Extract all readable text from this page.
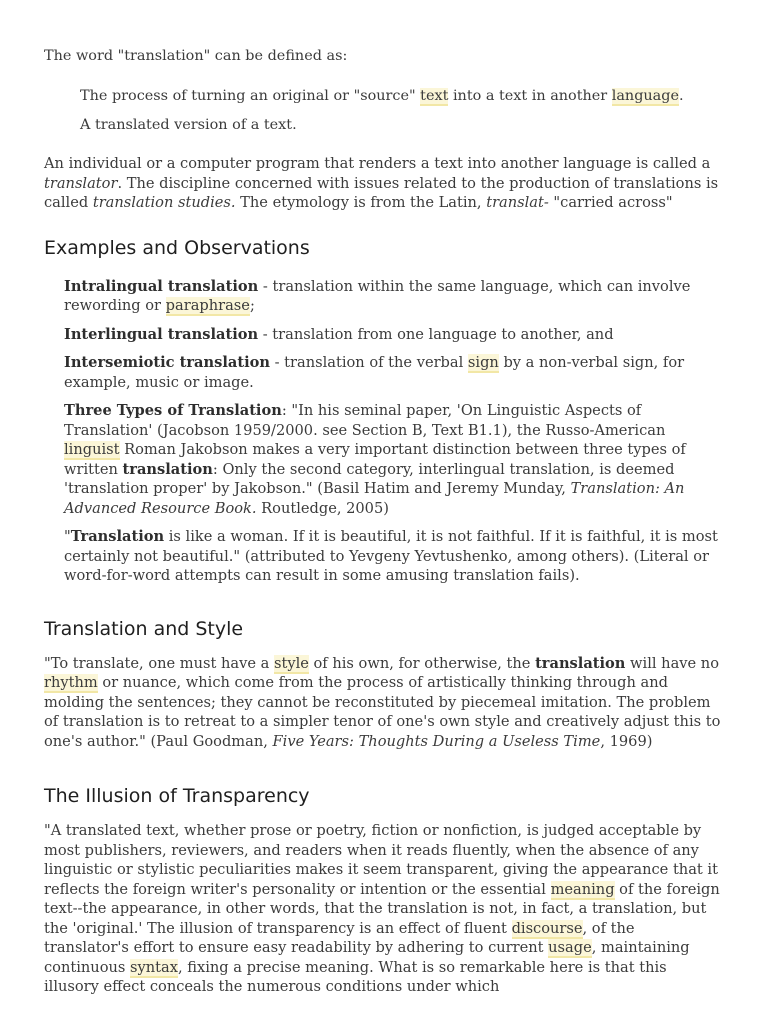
The word "translation" can be defined as:

The process of turning an original or "source" text into a text in another language.

A translated version of a text.

An individual or a computer program that renders a text into another language is called a translator. The discipline concerned with issues related to the production of translations is called translation studies. The etymology is from the Latin, translat- "carried across"

Examples and Observations
Intralingual translation - translation within the same language, which can involve rewording or paraphrase;
Interlingual translation - translation from one language to another, and
Intersemiotic translation - translation of the verbal sign by a non-verbal sign, for example, music or image.
Three Types of Translation: "In his seminal paper, 'On Linguistic Aspects of Translation' (Jacobson 1959/2000. see Section B, Text B1.1), the Russo-American linguist Roman Jakobson makes a very important distinction between three types of written translation: Only the second category, interlingual translation, is deemed 'translation proper' by Jakobson." (Basil Hatim and Jeremy Munday, Translation: An Advanced Resource Book. Routledge, 2005)
"Translation is like a woman. If it is beautiful, it is not faithful. If it is faithful, it is most certainly not beautiful." (attributed to Yevgeny Yevtushenko, among others). (Literal or word-for-word attempts can result in some amusing translation fails).
Translation and Style

"To translate, one must have a style of his own, for otherwise, the translation will have no rhythm or nuance, which come from the process of artistically thinking through and molding the sentences; they cannot be reconstituted by piecemeal imitation. The problem of translation is to retreat to a simpler tenor of one's own style and creatively adjust this to one's author." (Paul Goodman, Five Years: Thoughts During a Useless Time, 1969)

The Illusion of Transparency

"A translated text, whether prose or poetry, fiction or nonfiction, is judged acceptable by most publishers, reviewers, and readers when it reads fluently, when the absence of any linguistic or stylistic peculiarities makes it seem transparent, giving the appearance that it reflects the foreign writer's personality or intention or the essential meaning of the foreign text--the appearance, in other words, that the translation is not, in fact, a translation, but the 'original.' The illusion of transparency is an effect of fluent discourse, of the translator's effort to ensure easy readability by adhering to current usage, maintaining continuous syntax, fixing a precise meaning. What is so remarkable here is that this illusory effect conceals the numerous conditions under which
